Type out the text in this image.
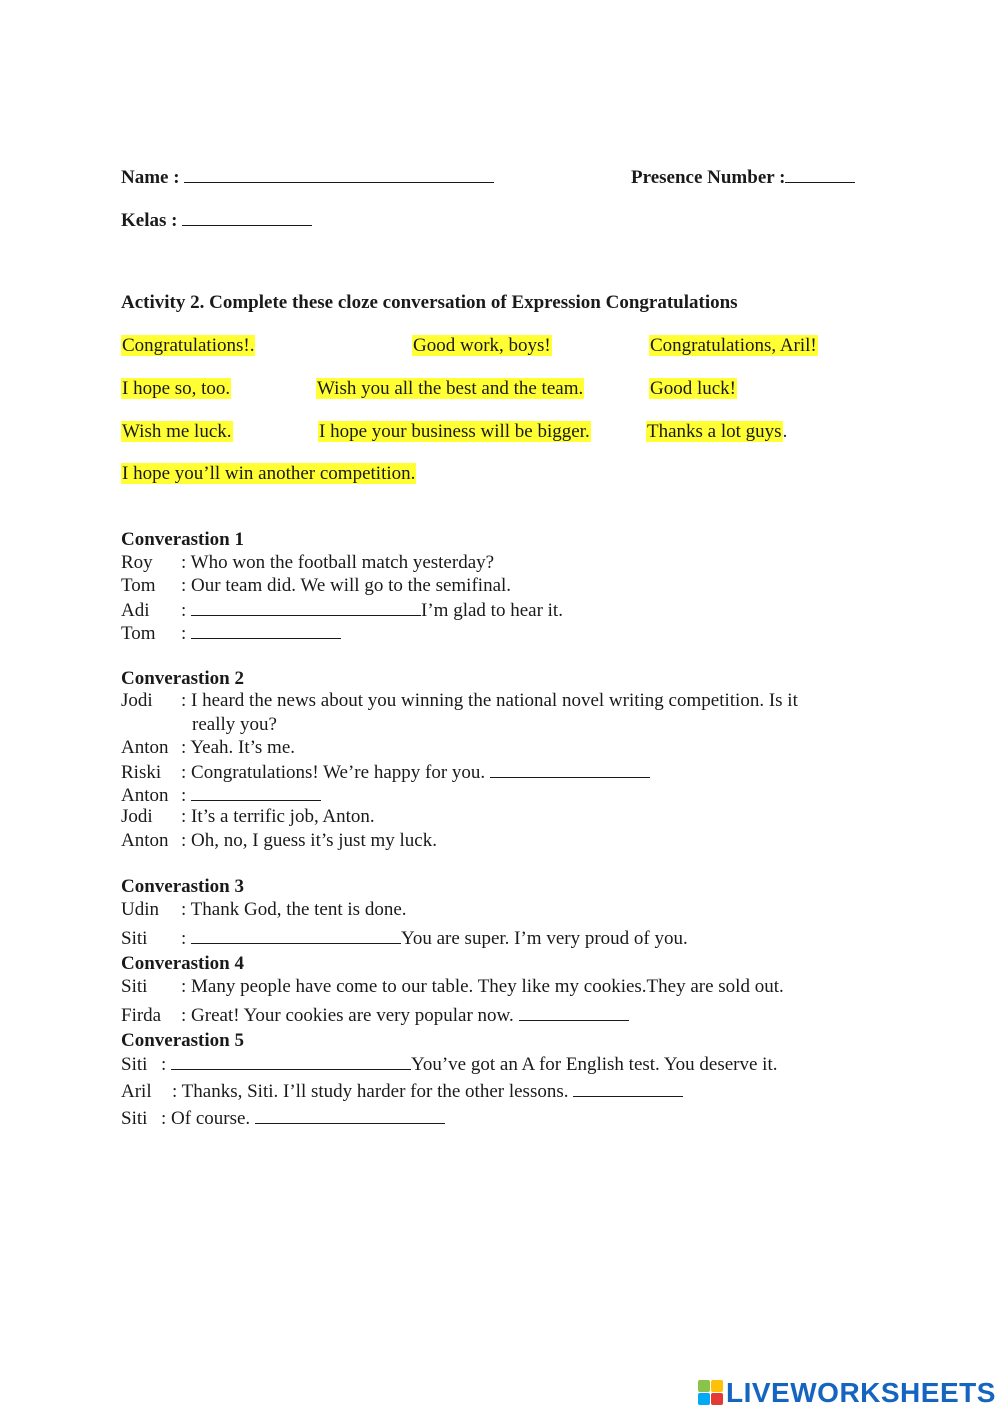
Name :	Presence Number :
Kelas :
Activity 2. Complete these cloze conversation of Expression Congratulations
Congratulations!.	Good work, boys!	Congratulations, Aril!
I hope so, too.	Wish you all the best and the team.	Good luck!
Wish me luck.	I hope your business will be bigger.	Thanks a lot guys.
I hope you’ll win another competition.
Converastion 1
Roy : Who won the football match yesterday?
Tom : Our team did. We will go to the semifinal.
Adi :	I’m glad to hear it.
Tom :
Converastion 2
Jodi : I heard the news about you winning the national novel writing competition. Is it
really you?
Anton : Yeah. It’s me.
Riski : Congratulations! We’re happy for you.
Anton :
Jodi : It’s a terrific job, Anton.
Anton : Oh, no, I guess it’s just my luck.
Converastion 3
Udin : Thank God, the tent is done.
Siti :	You are super. I’m very proud of you.
Converastion 4
Siti : Many people have come to our table. They like my cookies.They are sold out.
Firda : Great! Your cookies are very popular now.
Converastion 5
Siti :	You’ve got an A for English test. You deserve it.
Aril : Thanks, Siti. I’ll study harder for the other lessons.
Siti : Of course.
LIVEWORKSHEETS
